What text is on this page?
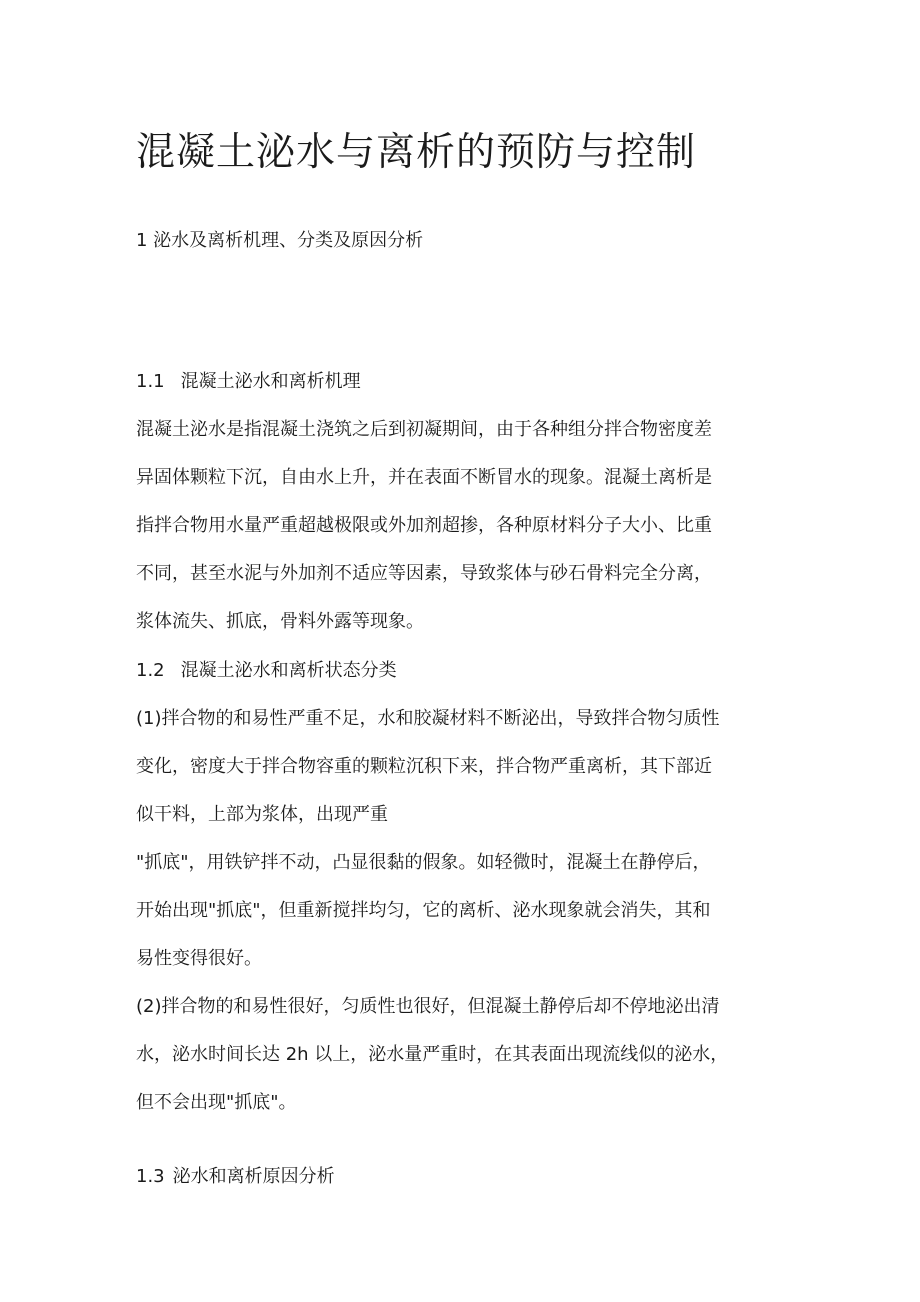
混凝土泌水与离析的预防与控制
1 泌水及离析机理、分类及原因分析
1.1 混凝土泌水和离析机理
混凝土泌水是指混凝土浇筑之后到初凝期间，由于各种组分拌合物密度差
异固体颗粒下沉，自由水上升，并在表面不断冒水的现象。混凝土离析是
指拌合物用水量严重超越极限或外加剂超掺，各种原材料分子大小、比重
不同，甚至水泥与外加剂不适应等因素，导致浆体与砂石骨料完全分离，
浆体流失、抓底，骨料外露等现象。
1.2 混凝土泌水和离析状态分类
(1)拌合物的和易性严重不足，水和胶凝材料不断泌出，导致拌合物匀质性
变化，密度大于拌合物容重的颗粒沉积下来，拌合物严重离析，其下部近
似干料，上部为浆体，出现严重
"抓底"，用铁铲拌不动，凸显很黏的假象。如轻微时，混凝土在静停后，
开始出现"抓底"，但重新搅拌均匀，它的离析、泌水现象就会消失，其和
易性变得很好。
(2)拌合物的和易性很好，匀质性也很好，但混凝土静停后却不停地泌出清
水，泌水时间长达 2h 以上，泌水量严重时，在其表面出现流线似的泌水，
但不会出现"抓底"。
1.3 泌水和离析原因分析
